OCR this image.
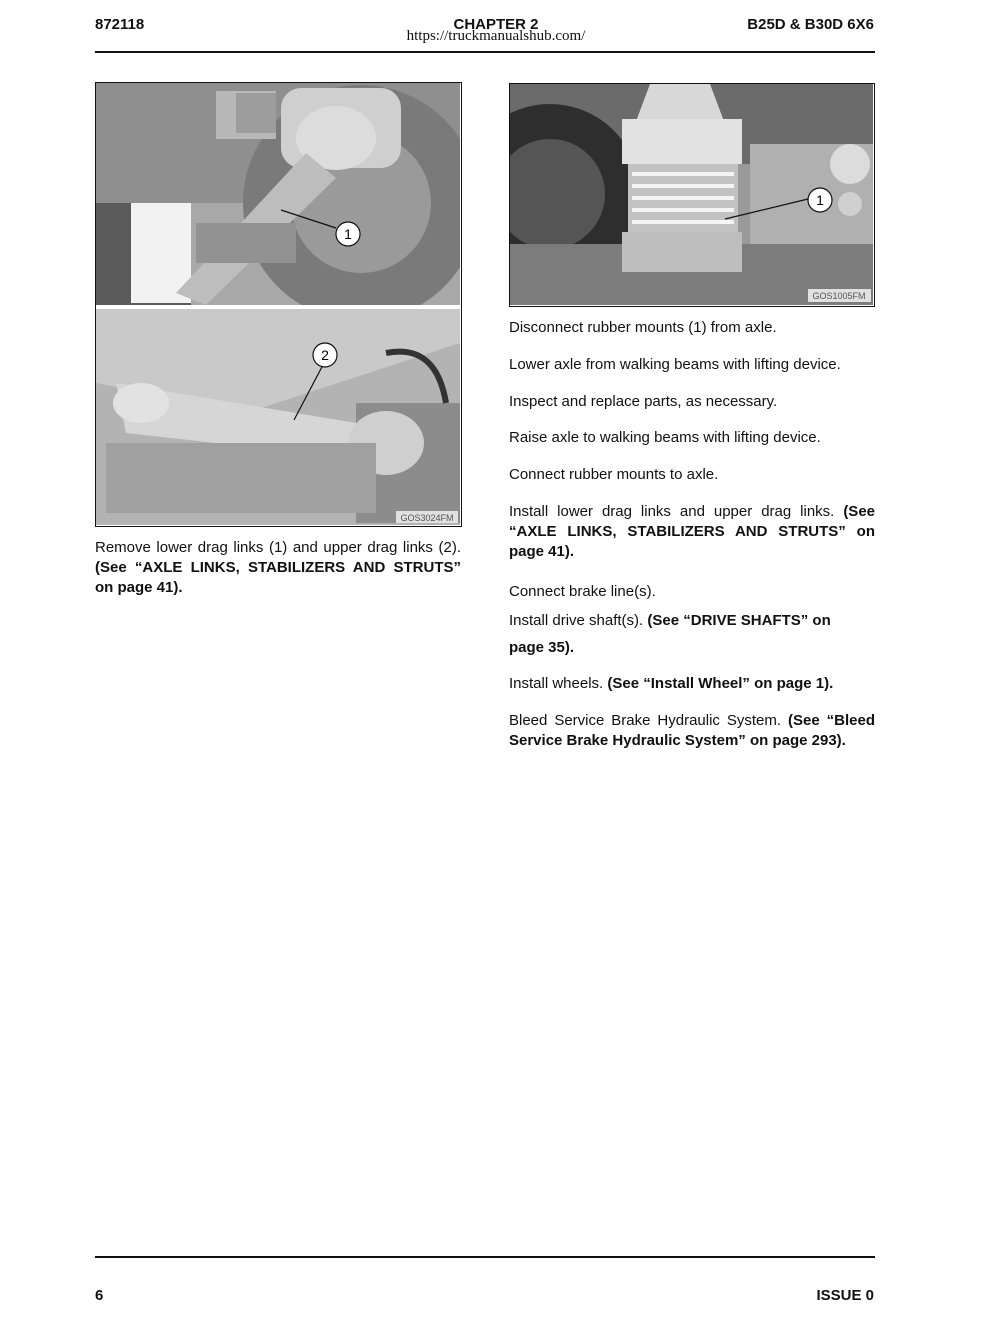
872118	CHAPTER 2	B25D & B30D 6X6
https://truckmanualshub.com/
1
2
GOS3024FM
1
GOS1005FM
Remove lower drag links (1) and upper drag links (2). (See “AXLE LINKS, STABILIZERS AND STRUTS” on page 41).
Disconnect rubber mounts (1) from axle.
Lower axle from walking beams with lifting device.
Inspect and replace parts, as necessary.
Raise axle to walking beams with lifting device.
Connect rubber mounts to axle.
Install lower drag links and upper drag links. (See “AXLE LINKS, STABILIZERS AND STRUTS” on page 41).
Connect brake line(s).
Install drive shaft(s). (See “DRIVE SHAFTS” on
page 35).
Install wheels. (See “Install Wheel” on page 1).
Bleed Service Brake Hydraulic System. (See “Bleed Service Brake Hydraulic System” on page 293).
6	ISSUE 0
